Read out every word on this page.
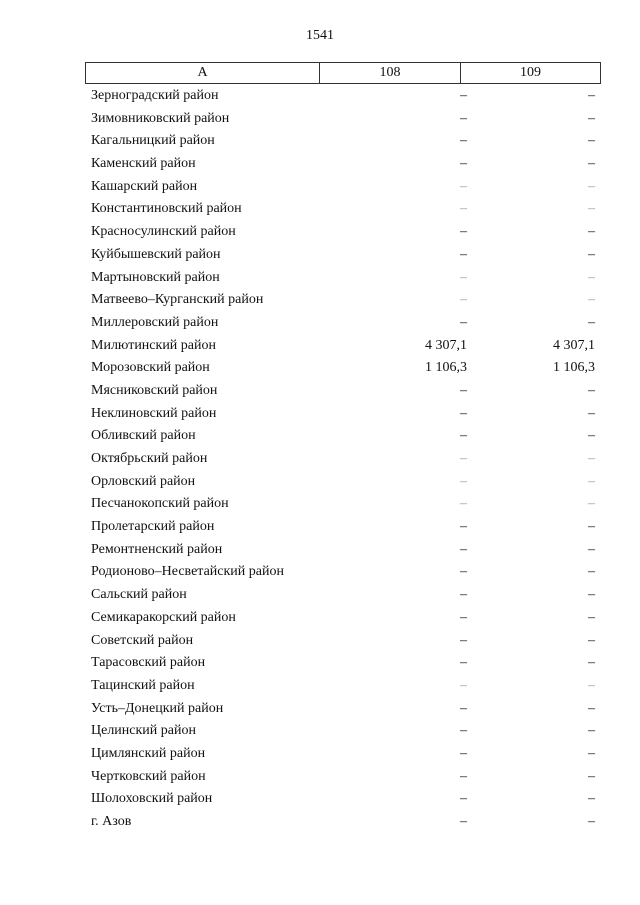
1541
А	108	109
Зерноградский район	–	–
Зимовниковский район	–	–
Кагальницкий район	–	–
Каменский район	–	–
Кашарский район	–	–
Константиновский район	–	–
Красносулинский район	–	–
Куйбышевский район	–	–
Мартыновский район	–	–
Матвеево–Курганский район	–	–
Миллеровский район	–	–
Милютинский район	4 307,1	4 307,1
Морозовский район	1 106,3	1 106,3
Мясниковский район	–	–
Неклиновский район	–	–
Обливский район	–	–
Октябрьский район	–	–
Орловский район	–	–
Песчанокопский район	–	–
Пролетарский район	–	–
Ремонтненский район	–	–
Родионово–Несветайский район	–	–
Сальский район	–	–
Семикаракорский район	–	–
Советский район	–	–
Тарасовский район	–	–
Тацинский район	–	–
Усть–Донецкий район	–	–
Целинский район	–	–
Цимлянский район	–	–
Чертковский район	–	–
Шолоховский район	–	–
г. Азов	–	–
